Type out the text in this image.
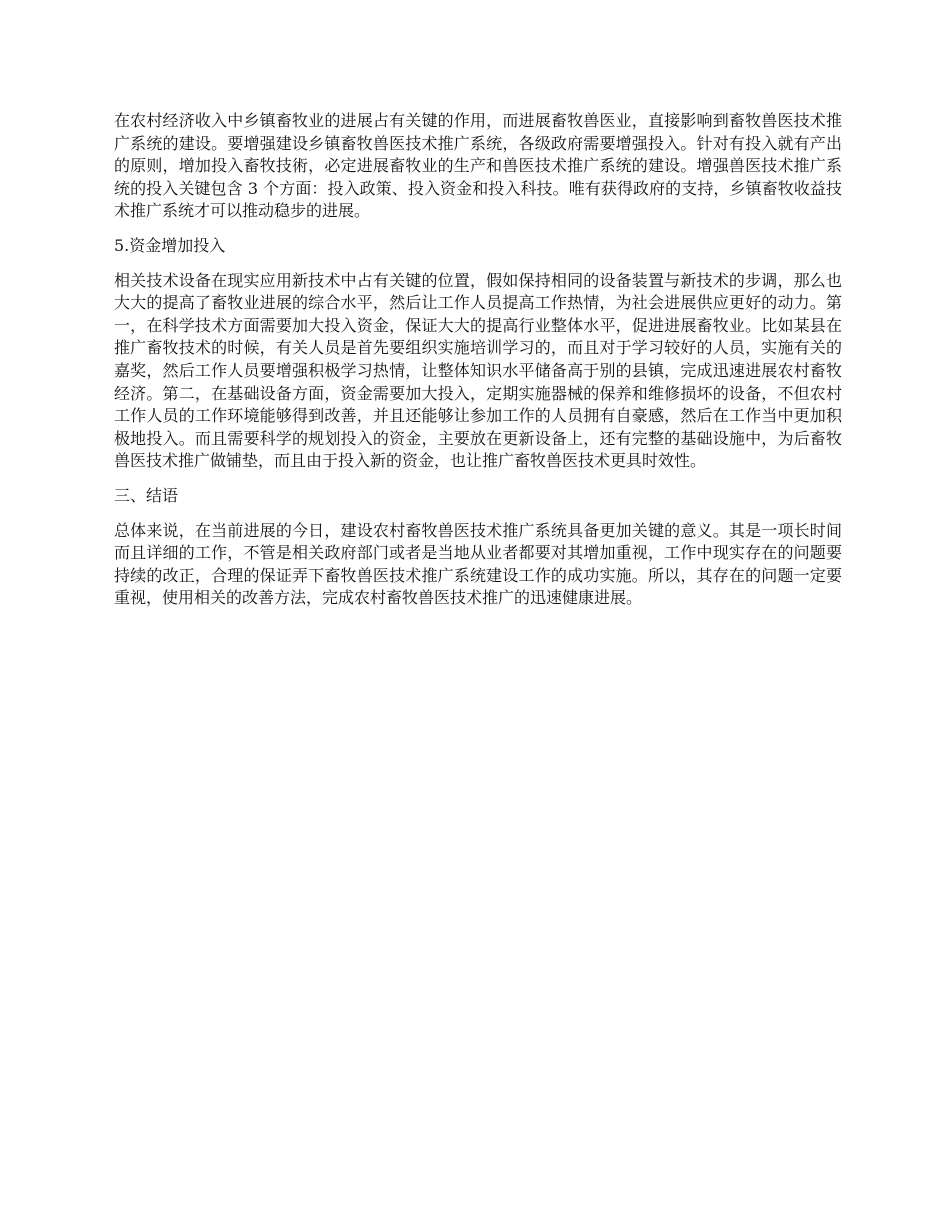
在农村经济收入中乡镇畜牧业的进展占有关键的作用，而进展畜牧兽医业，直接影响到畜牧兽医技术推广系统的建设。要增强建设乡镇畜牧兽医技术推广系统，各级政府需要增强投入。针对有投入就有产出的原则，增加投入畜牧技術，必定进展畜牧业的生产和兽医技术推广系统的建设。增强兽医技术推广系统的投入关键包含 3 个方面：投入政策、投入资金和投入科技。唯有获得政府的支持，乡镇畜牧收益技术推广系统才可以推动稳步的进展。

5.资金增加投入

相关技术设备在现实应用新技术中占有关键的位置，假如保持相同的设备装置与新技术的步调，那么也大大的提高了畜牧业进展的综合水平，然后让工作人员提高工作热情，为社会进展供应更好的动力。第一，在科学技术方面需要加大投入资金，保证大大的提高行业整体水平，促进进展畜牧业。比如某县在推广畜牧技术的时候，有关人员是首先要组织实施培训学习的，而且对于学习较好的人员，实施有关的嘉奖，然后工作人员要增强积极学习热情，让整体知识水平储备高于别的县镇，完成迅速进展农村畜牧经济。第二，在基础设备方面，资金需要加大投入，定期实施器械的保养和维修损坏的设备，不但农村工作人员的工作环境能够得到改善，并且还能够让参加工作的人员拥有自豪感，然后在工作当中更加积极地投入。而且需要科学的规划投入的资金，主要放在更新设备上，还有完整的基础设施中，为后畜牧兽医技术推广做铺垫，而且由于投入新的资金，也让推广畜牧兽医技术更具时效性。

三、结语

总体来说，在当前进展的今日，建设农村畜牧兽医技术推广系统具备更加关键的意义。其是一项长时间而且详细的工作，不管是相关政府部门或者是当地从业者都要对其增加重视，工作中现实存在的问题要持续的改正，合理的保证弄下畜牧兽医技术推广系统建设工作的成功实施。所以，其存在的问题一定要重视，使用相关的改善方法，完成农村畜牧兽医技术推广的迅速健康进展。
